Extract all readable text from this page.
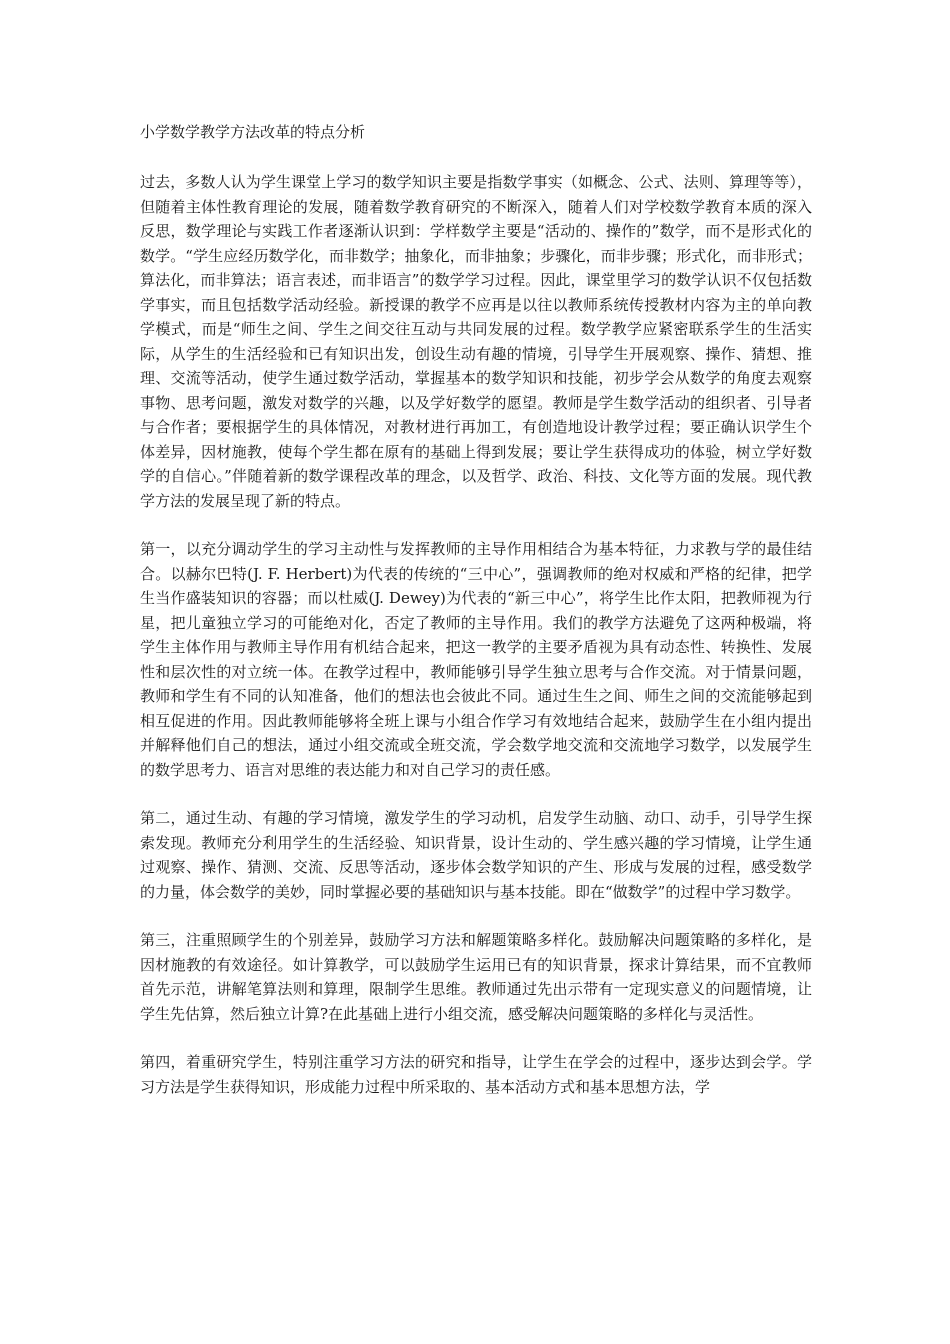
小学数学教学方法改革的特点分析

过去，多数人认为学生课堂上学习的数学知识主要是指数学事实（如概念、公式、法则、算理等等），但随着主体性教育理论的发展，随着数学教育研究的不断深入，随着人们对学校数学教育本质的深入反思，数学理论与实践工作者逐渐认识到：学样数学主要是“活动的、操作的”数学，而不是形式化的数学。“学生应经历数学化，而非数学；抽象化，而非抽象；步骤化，而非步骤；形式化，而非形式；算法化，而非算法；语言表述，而非语言”的数学学习过程。因此，课堂里学习的数学认识不仅包括数学事实，而且包括数学活动经验。新授课的教学不应再是以往以教师系统传授教材内容为主的单向教学模式，而是“师生之间、学生之间交往互动与共同发展的过程。数学教学应紧密联系学生的生活实际，从学生的生活经验和已有知识出发，创设生动有趣的情境，引导学生开展观察、操作、猜想、推理、交流等活动，使学生通过数学活动，掌握基本的数学知识和技能，初步学会从数学的角度去观察事物、思考问题，激发对数学的兴趣，以及学好数学的愿望。教师是学生数学活动的组织者、引导者与合作者；要根据学生的具体情况，对教材进行再加工，有创造地设计教学过程；要正确认识学生个体差异，因材施教，使每个学生都在原有的基础上得到发展；要让学生获得成功的体验，树立学好数学的自信心。”伴随着新的数学课程改革的理念，以及哲学、政治、科技、文化等方面的发展。现代教学方法的发展呈现了新的特点。

第一，以充分调动学生的学习主动性与发挥教师的主导作用相结合为基本特征，力求教与学的最佳结合。以赫尔巴特(J. F. Herbert)为代表的传统的“三中心”，强调教师的绝对权威和严格的纪律，把学生当作盛装知识的容器；而以杜威(J. Dewey)为代表的“新三中心”，将学生比作太阳，把教师视为行星，把儿童独立学习的可能绝对化，否定了教师的主导作用。我们的教学方法避免了这两种极端，将学生主体作用与教师主导作用有机结合起来，把这一教学的主要矛盾视为具有动态性、转换性、发展性和层次性的对立统一体。在教学过程中，教师能够引导学生独立思考与合作交流。对于情景问题，教师和学生有不同的认知准备，他们的想法也会彼此不同。通过生生之间、师生之间的交流能够起到相互促进的作用。因此教师能够将全班上课与小组合作学习有效地结合起来，鼓励学生在小组内提出并解释他们自己的想法，通过小组交流或全班交流，学会数学地交流和交流地学习数学，以发展学生的数学思考力、语言对思维的表达能力和对自己学习的责任感。

第二，通过生动、有趣的学习情境，激发学生的学习动机，启发学生动脑、动口、动手，引导学生探索发现。教师充分利用学生的生活经验、知识背景，设计生动的、学生感兴趣的学习情境，让学生通过观察、操作、猜测、交流、反思等活动，逐步体会数学知识的产生、形成与发展的过程，感受数学的力量，体会数学的美妙，同时掌握必要的基础知识与基本技能。即在“做数学”的过程中学习数学。

第三，注重照顾学生的个别差异，鼓励学习方法和解题策略多样化。鼓励解决问题策略的多样化，是因材施教的有效途径。如计算教学，可以鼓励学生运用已有的知识背景，探求计算结果，而不宜教师首先示范，讲解笔算法则和算理，限制学生思维。教师通过先出示带有一定现实意义的问题情境，让学生先估算，然后独立计算?在此基础上进行小组交流，感受解决问题策略的多样化与灵活性。

第四，着重研究学生，特别注重学习方法的研究和指导，让学生在学会的过程中，逐步达到会学。学习方法是学生获得知识，形成能力过程中所采取的、基本活动方式和基本思想方法，学
